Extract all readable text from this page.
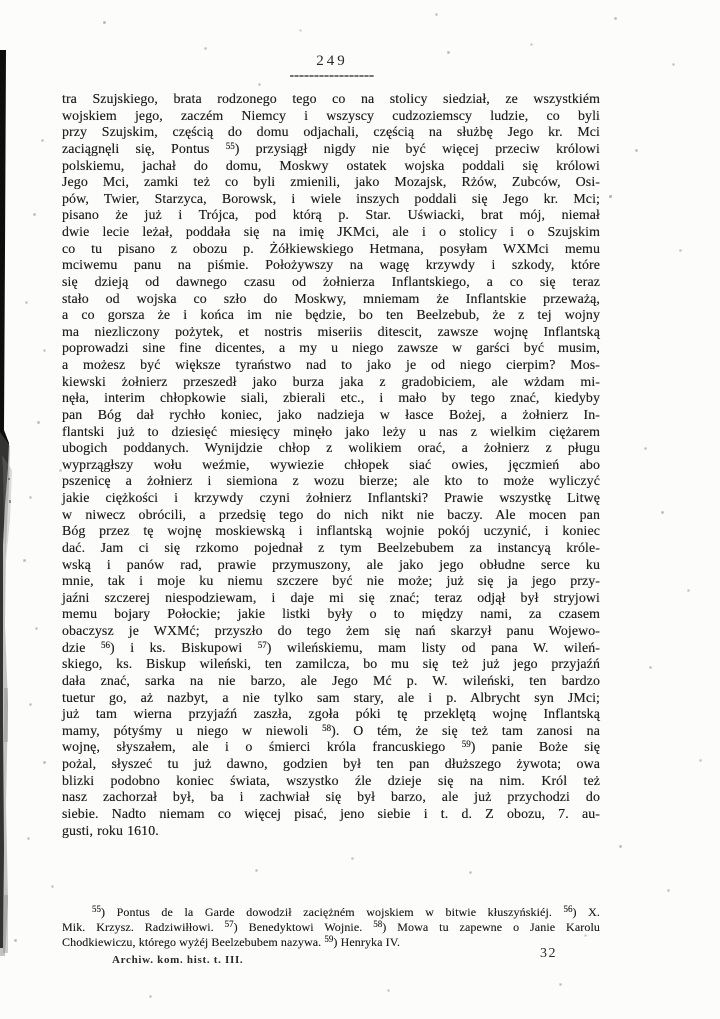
249
tra Szujskiego, brata rodzonego tego co na stolicy siedział, ze wszystkiém
wojskiem jego, zaczém Niemcy i wszyscy cudzoziemscy ludzie, co byli
przy Szujskim, częścią do domu odjachali, częścią na służbę Jego kr. Mci
zaciągnęli się, Pontus $^{55}$) przysiągł nigdy nie być więcej przeciw królowi
polskiemu, jachał do domu, Moskwy ostatek wojska poddali się królowi
Jego Mci, zamki też co byli zmienili, jako Mozajsk, Rżów, Zubców, Osi-
pów, Twier, Starzyca, Borowsk, i wiele inszych poddali się Jego kr. Mci;
pisano że już i Trójca, pod którą p. Star. Uświacki, brat mój, niemał
dwie lecie leżał, poddała się na imię JKMci, ale i o stolicy i o Szujskim
co tu pisano z obozu p. Żółkiewskiego Hetmana, posyłam WXMci memu
mciwemu panu na piśmie. Położywszy na wagę krzywdy i szkody, które
się dzieją od dawnego czasu od żołnierza Inflantskiego, a co się teraz
stało od wojska co szło do Moskwy, mniemam że Inflantskie przeważą,
a co gorsza że i końca im nie będzie, bo ten Beelzebub, że z tej wojny
ma niezliczony pożytek, et nostris miseriis ditescit, zawsze wojnę Inflantską
poprowadzi sine fine dicentes, a my u niego zawsze w garści być musim,
a możesz być większe tyraństwo nad to jako je od niego cierpim? Mos-
kiewski żołnierz przeszedł jako burza jaka z gradobiciem, ale wżdam mi-
nęła, interim chłopkowie siali, zbierali etc., i mało by tego znać, kiedyby
pan Bóg dał rychło koniec, jako nadzieja w łasce Bożej, a żołnierz In-
flantski już to dziesięć miesięcy minęło jako leży u nas z wielkim ciężarem
ubogich poddanych. Wynijdzie chłop z wolikiem orać, a żołnierz z pługu
wyprzągłszy wołu weźmie, wywiezie chłopek siać owies, jęczmień abo
pszenicę a żołnierz i siemiona z wozu bierze; ale kto to może wyliczyć
jakie ciężkości i krzywdy czyni żołnierz Inflantski? Prawie wszystkę Litwę
w niwecz obrócili, a przedsię tego do nich nikt nie baczy. Ale mocen pan
Bóg przez tę wojnę moskiewską i inflantską wojnie pokój uczynić, i koniec
dać. Jam ci się rzkomo pojednał z tym Beelzebubem za instancyą króle-
wską i panów rad, prawie przymuszony, ale jako jego obłudne serce ku
mnie, tak i moje ku niemu szczere być nie może; już się ja jego przy-
jaźni szczerej niespodziewam, i daje mi się znać; teraz odjął był stryjowi
memu bojary Połockie; jakie listki były o to między nami, za czasem
obaczysz je WXMć; przyszło do tego żem się nań skarzył panu Wojewo-
dzie $^{56}$) i ks. Biskupowi $^{57}$) wileńskiemu, mam listy od pana W. wileń-
skiego, ks. Biskup wileński, ten zamilcza, bo mu się też już jego przyjaźń
dała znać, sarka na nie barzo, ale Jego Mć p. W. wileński, ten bardzo
tuetur go, aż nazbyt, a nie tylko sam stary, ale i p. Albrycht syn JMci;
już tam wierna przyjaźń zaszła, zgoła póki tę przeklętą wojnę Inflantską
mamy, pótyśmy u niego w niewoli $^{58}$). O tém, że się też tam zanosi na
wojnę, słyszałem, ale i o śmierci króla francuskiego $^{59}$) panie Boże się
pożal, słyszeć tu już dawno, godzien był ten pan dłuższego żywota; owa
blizki podobno koniec świata, wszystko źle dzieje się na nim. Król też
nasz zachorzał był, ba i zachwiał się był barzo, ale już przychodzi do
siebie. Nadto niemam co więcej pisać, jeno siebie i t. d. Z obozu, 7. au-
gusti, roku 1610.
$^{55}$) Pontus de la Garde dowodził zaciężném wojskiem w bitwie kłuszyńskiéj. $^{56}$) X.
Mik. Krzysz. Radziwiłłowi. $^{57}$) Benedyktowi Wojnie. $^{58}$) Mowa tu zapewne o Janie Karolu
Chodkiewiczu, którego wyżéj Beelzebubem nazywa. $^{59}$) Henryka IV.
Archiw. kom. hist. t. III.	32
